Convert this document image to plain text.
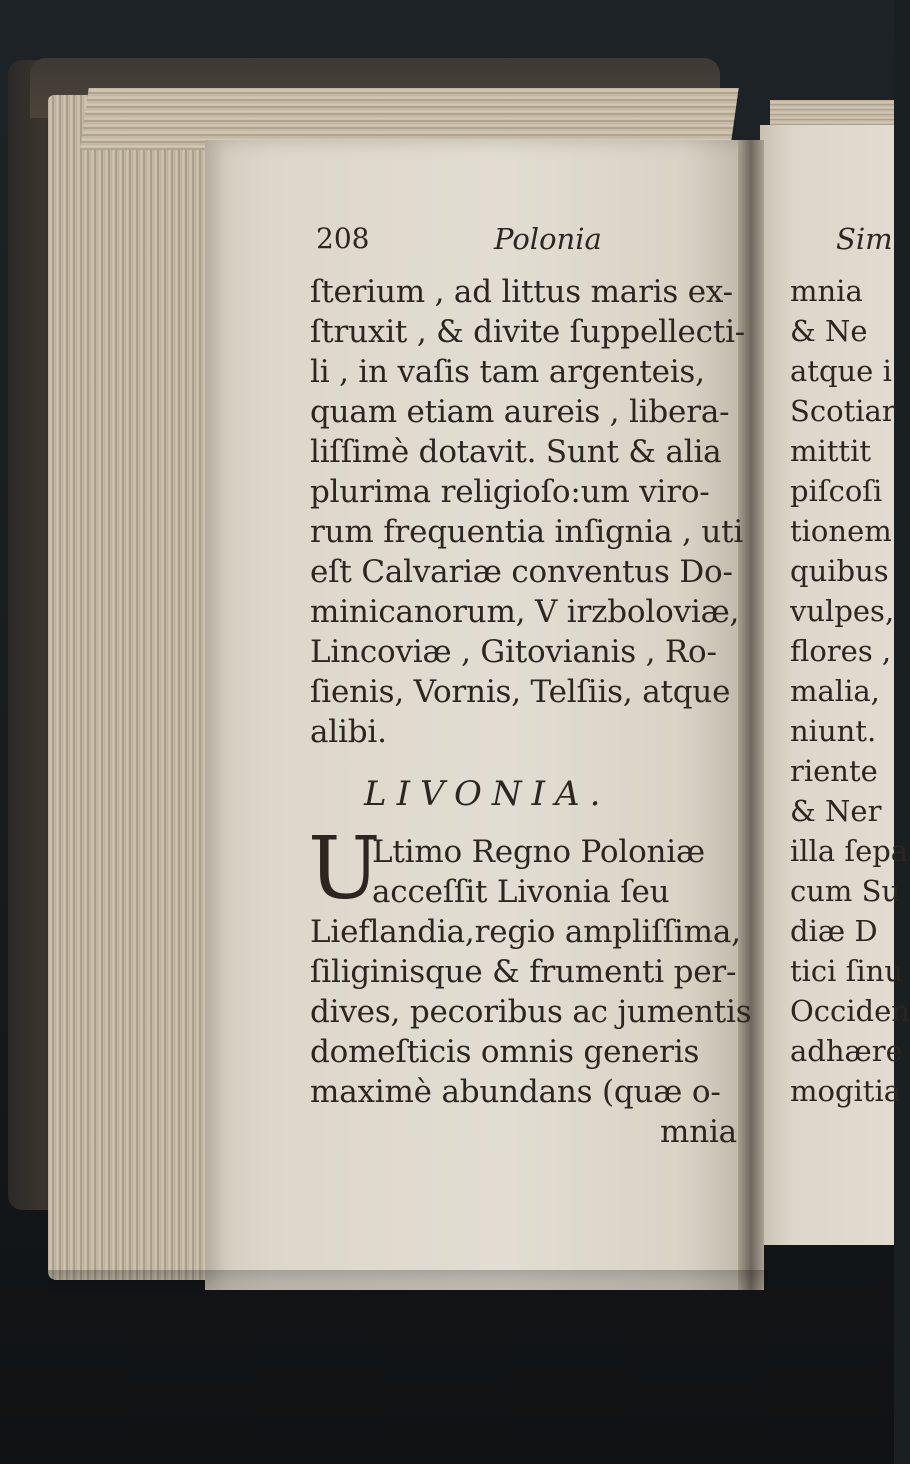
208	Polonia
ſterium , ad littus maris ex-
ſtruxit , & divite ſuppellecti-
li , in vaſis tam argenteis,
quam etiam aureis , libera-
liſſimè dotavit. Sunt & alia
plurima religioſo:um viro-
rum frequentia inſignia , uti
eſt Calvariæ conventus Do-
minicanorum, V irzboloviæ,
Lincoviæ , Gitovianis , Ro-
ſienis, Vornis, Telſiis, atque
alibi.
LIVONIA.
U
Ltimo Regno Poloniæ
acceſſit Livonia ſeu
Lieflandia,regio ampliſſima,
ſiliginisque & frumenti per-
dives, pecoribus ac jumentis
domeſticis omnis generis
maximè abundans (quæ o-
mnia
Sim
mnia
& Ne
atque i
Scotiar
mittit
piſcoſi
tionem
quibus
vulpes,
flores ,
malia,
niunt.
riente
& Ner
illa ſepa
cum Su
diæ D
tici ſinu
Occiden
adhære
mogitia
